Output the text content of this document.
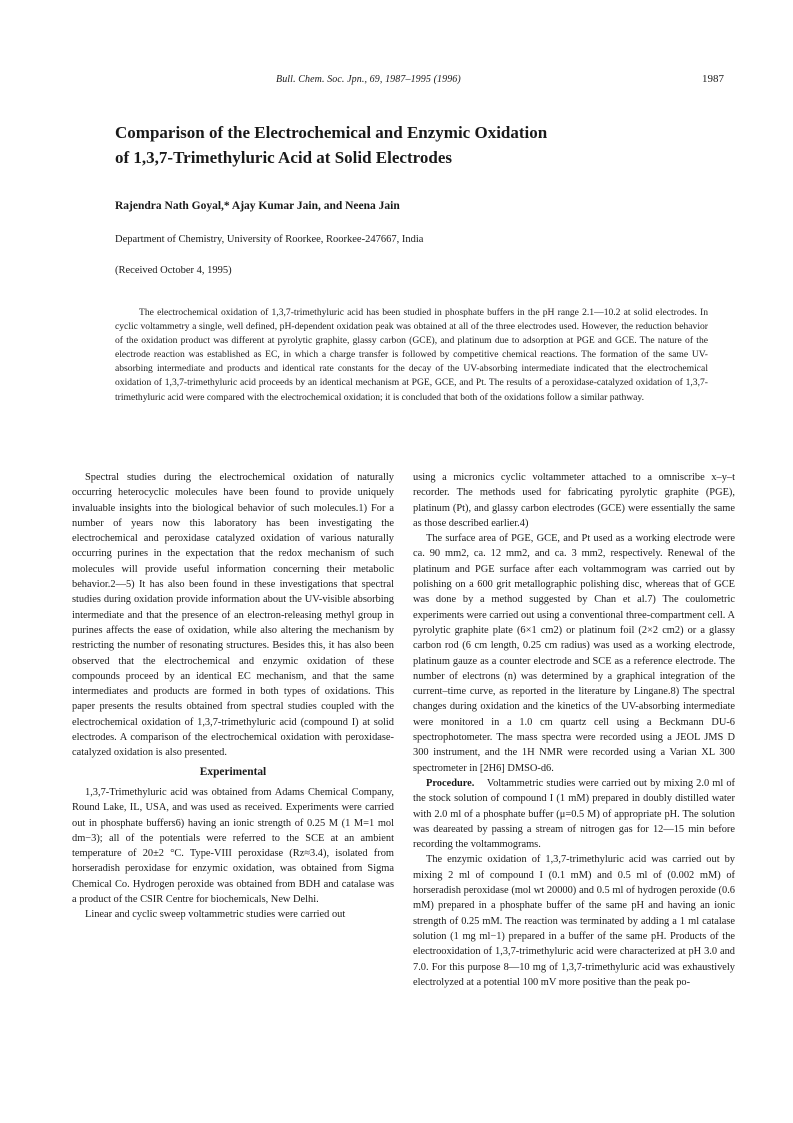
Bull. Chem. Soc. Jpn., 69, 1987–1995 (1996)	1987
Comparison of the Electrochemical and Enzymic Oxidation
of 1,3,7-Trimethyluric Acid at Solid Electrodes
Rajendra Nath Goyal,* Ajay Kumar Jain, and Neena Jain
Department of Chemistry, University of Roorkee, Roorkee-247667, India
(Received October 4, 1995)

The electrochemical oxidation of 1,3,7-trimethyluric acid has been studied in phosphate buffers in the pH range 2.1—10.2 at solid electrodes. In cyclic voltammetry a single, well defined, pH-dependent oxidation peak was obtained at all of the three electrodes used. However, the reduction behavior of the oxidation product was different at pyrolytic graphite, glassy carbon (GCE), and platinum due to adsorption at PGE and GCE. The nature of the electrode reaction was established as EC, in which a charge transfer is followed by competitive chemical reactions. The formation of the same UV-absorbing intermediate and products and identical rate constants for the decay of the UV-absorbing intermediate indicated that the electrochemical oxidation of 1,3,7-trimethyluric acid proceeds by an identical mechanism at PGE, GCE, and Pt. The results of a peroxidase-catalyzed oxidation of 1,3,7-trimethyluric acid were compared with the electrochemical oxidation; it is concluded that both of the oxidations follow a similar pathway.

Spectral studies during the electrochemical oxidation of naturally occurring heterocyclic molecules have been found to provide uniquely invaluable insights into the biological behavior of such molecules.1) For a number of years now this laboratory has been investigating the electrochemical and peroxidase catalyzed oxidation of various naturally occurring purines in the expectation that the redox mechanism of such molecules will provide useful information concerning their metabolic behavior.2—5) It has also been found in these investigations that spectral studies during oxidation provide information about the UV-visible absorbing intermediate and that the presence of an electron-releasing methyl group in purines affects the ease of oxidation, while also altering the mechanism by restricting the number of resonating structures. Besides this, it has also been observed that the electrochemical and enzymic oxidation of these compounds proceed by an identical EC mechanism, and that the same intermediates and products are formed in both types of oxidations. This paper presents the results obtained from spectral studies coupled with the electrochemical oxidation of 1,3,7-trimethyluric acid (compound I) at solid electrodes. A comparison of the electrochemical oxidation with peroxidase-catalyzed oxidation is also presented.

Experimental

1,3,7-Trimethyluric acid was obtained from Adams Chemical Company, Round Lake, IL, USA, and was used as received. Experiments were carried out in phosphate buffers6) having an ionic strength of 0.25 M (1 M=1 mol dm−3); all of the potentials were referred to the SCE at an ambient temperature of 20±2 °C. Type-VIII peroxidase (Rz≈3.4), isolated from horseradish peroxidase for enzymic oxidation, was obtained from Sigma Chemical Co. Hydrogen peroxide was obtained from BDH and catalase was a product of the CSIR Centre for biochemicals, New Delhi.

Linear and cyclic sweep voltammetric studies were carried out

using a micronics cyclic voltammeter attached to a omniscribe x–y–t recorder. The methods used for fabricating pyrolytic graphite (PGE), platinum (Pt), and glassy carbon electrodes (GCE) were essentially the same as those described earlier.4)

The surface area of PGE, GCE, and Pt used as a working electrode were ca. 90 mm2, ca. 12 mm2, and ca. 3 mm2, respectively. Renewal of the platinum and PGE surface after each voltammogram was carried out by polishing on a 600 grit metallographic polishing disc, whereas that of GCE was done by a method suggested by Chan et al.7) The coulometric experiments were carried out using a conventional three-compartment cell. A pyrolytic graphite plate (6×1 cm2) or platinum foil (2×2 cm2) or a glassy carbon rod (6 cm length, 0.25 cm radius) was used as a working electrode, platinum gauze as a counter electrode and SCE as a reference electrode. The number of electrons (n) was determined by a graphical integration of the current–time curve, as reported in the literature by Lingane.8) The spectral changes during oxidation and the kinetics of the UV-absorbing intermediate were monitored in a 1.0 cm quartz cell using a Beckmann DU-6 spectrophotometer. The mass spectra were recorded using a JEOL JMS D 300 instrument, and the 1H NMR were recorded using a Varian XL 300 spectrometer in [2H6] DMSO-d6.

Procedure. Voltammetric studies were carried out by mixing 2.0 ml of the stock solution of compound I (1 mM) prepared in doubly distilled water with 2.0 ml of a phosphate buffer (μ=0.5 M) of appropriate pH. The solution was deareated by passing a stream of nitrogen gas for 12—15 min before recording the voltammograms.

The enzymic oxidation of 1,3,7-trimethyluric acid was carried out by mixing 2 ml of compound I (0.1 mM) and 0.5 ml of (0.002 mM) of horseradish peroxidase (mol wt 20000) and 0.5 ml of hydrogen peroxide (0.6 mM) prepared in a phosphate buffer of the same pH and having an ionic strength of 0.25 mM. The reaction was terminated by adding a 1 ml catalase solution (1 mg ml−1) prepared in a buffer of the same pH. Products of the electrooxidation of 1,3,7-trimethyluric acid were characterized at pH 3.0 and 7.0. For this purpose 8—10 mg of 1,3,7-trimethyluric acid was exhaustively electrolyzed at a potential 100 mV more positive than the peak po-
